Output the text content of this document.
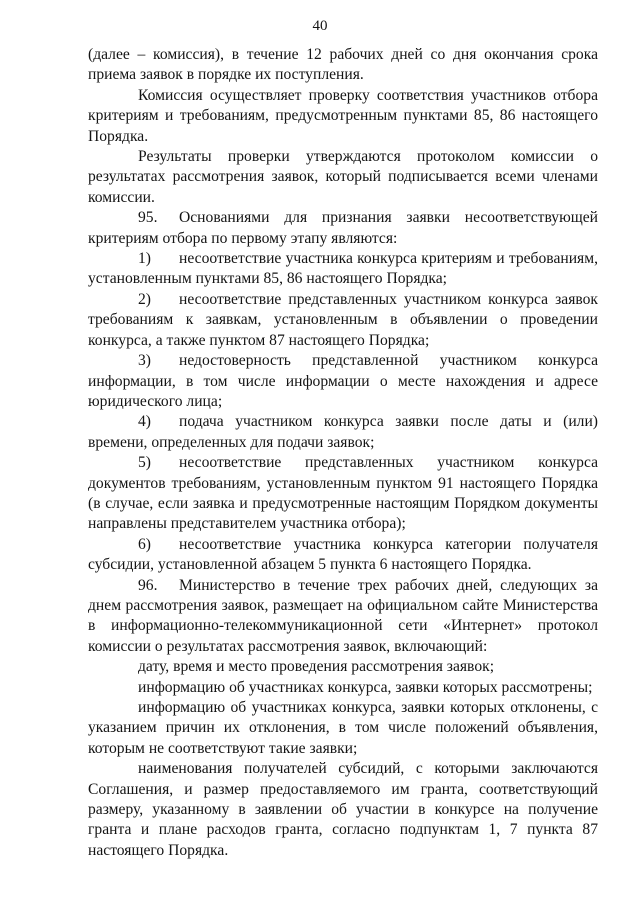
40

(далее – комиссия), в течение 12 рабочих дней со дня окончания срока приема заявок в порядке их поступления.

Комиссия осуществляет проверку соответствия участников отбора критериям и требованиям, предусмотренным пунктами 85, 86 настоящего Порядка.

Результаты проверки утверждаются протоколом комиссии о результатах рассмотрения заявок, который подписывается всеми членами комиссии.

95. Основаниями для признания заявки несоответствующей критериям отбора по первому этапу являются:

1) несоответствие участника конкурса критериям и требованиям, установленным пунктами 85, 86 настоящего Порядка;

2) несоответствие представленных участником конкурса заявок требованиям к заявкам, установленным в объявлении о проведении конкурса, а также пунктом 87 настоящего Порядка;

3) недостоверность представленной участником конкурса информации, в том числе информации о месте нахождения и адресе юридического лица;

4) подача участником конкурса заявки после даты и (или) времени, определенных для подачи заявок;

5) несоответствие представленных участником конкурса документов требованиям, установленным пунктом 91 настоящего Порядка (в случае, если заявка и предусмотренные настоящим Порядком документы направлены представителем участника отбора);

6) несоответствие участника конкурса категории получателя субсидии, установленной абзацем 5 пункта 6 настоящего Порядка.

96. Министерство в течение трех рабочих дней, следующих за днем рассмотрения заявок, размещает на официальном сайте Министерства в информационно-телекоммуникационной сети «Интернет» протокол комиссии о результатах рассмотрения заявок, включающий:

дату, время и место проведения рассмотрения заявок;

информацию об участниках конкурса, заявки которых рассмотрены;

информацию об участниках конкурса, заявки которых отклонены, с указанием причин их отклонения, в том числе положений объявления, которым не соответствуют такие заявки;

наименования получателей субсидий, с которыми заключаются Соглашения, и размер предоставляемого им гранта, соответствующий размеру, указанному в заявлении об участии в конкурсе на получение гранта и плане расходов гранта, согласно подпунктам 1, 7 пункта 87 настоящего Порядка.
